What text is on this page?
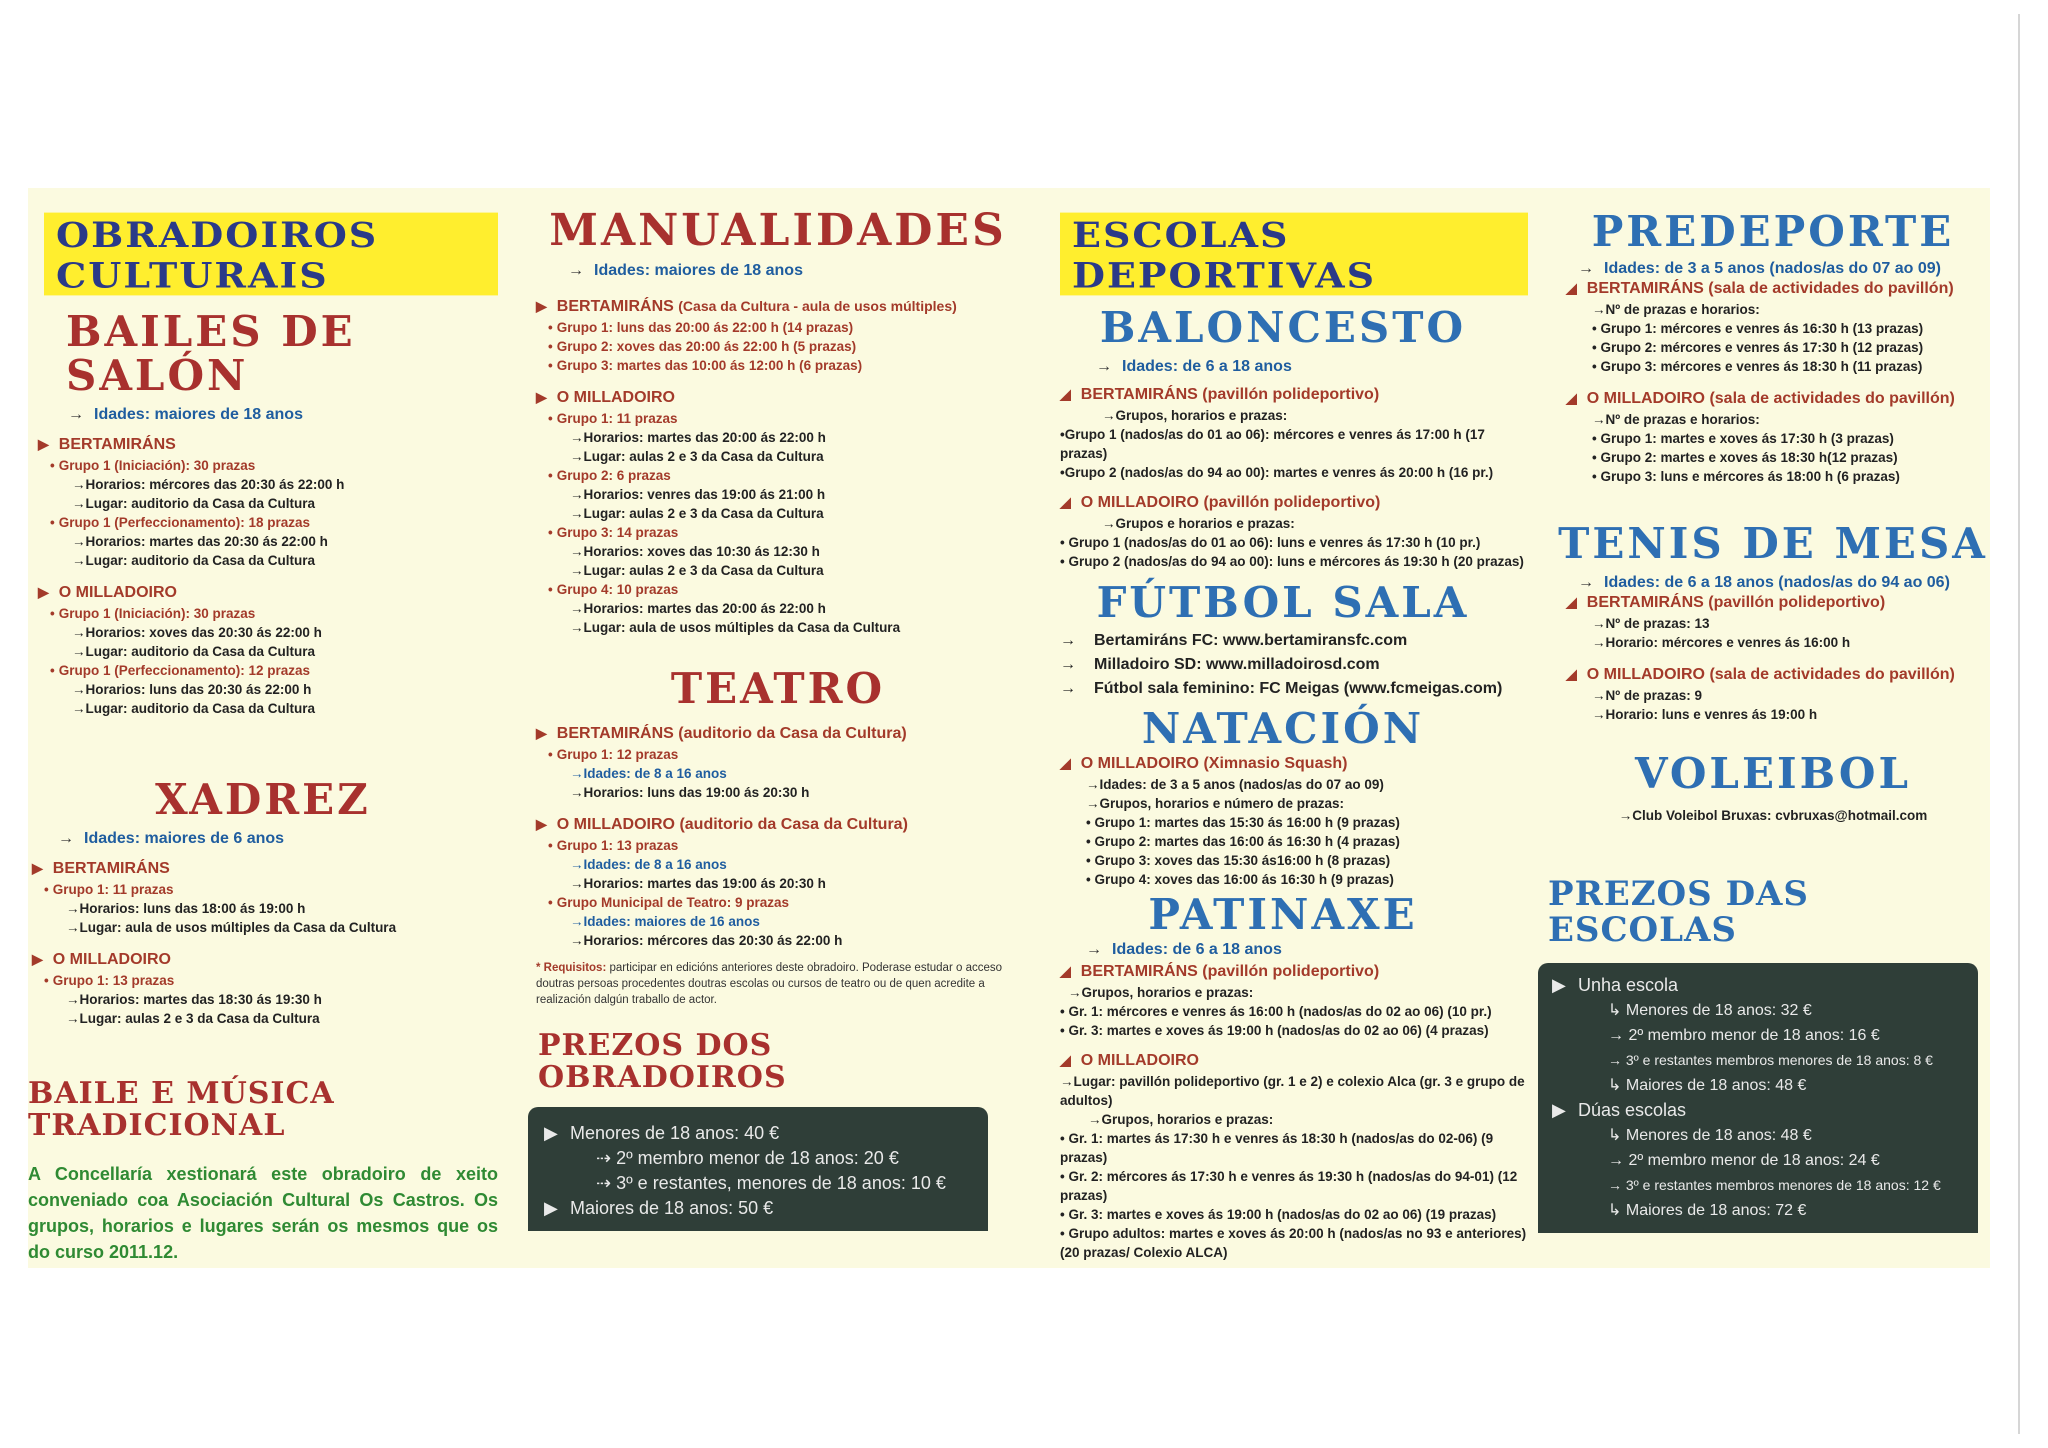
OBRADOIROS CULTURAIS
BAILES DE SALÓN
→ Idades: maiores de 18 anos
▶ BERTAMIRÁNS
• Grupo 1 (Iniciación): 30 prazas
→Horarios: mércores das 20:30 ás 22:00 h
→Lugar: auditorio da Casa da Cultura
• Grupo 1 (Perfeccionamento): 18 prazas
→Horarios: martes das 20:30 ás 22:00 h
→Lugar: auditorio da Casa da Cultura
▶ O MILLADOIRO
• Grupo 1 (Iniciación): 30 prazas
→Horarios: xoves das 20:30 ás 22:00 h
→Lugar: auditorio da Casa da Cultura
• Grupo 1 (Perfeccionamento): 12 prazas
→Horarios: luns das 20:30 ás 22:00 h
→Lugar: auditorio da Casa da Cultura
XADREZ
→ Idades: maiores de 6 anos
▶ BERTAMIRÁNS
• Grupo 1: 11 prazas
→Horarios: luns das 18:00 ás 19:00 h
→Lugar: aula de usos múltiples da Casa da Cultura
▶ O MILLADOIRO
• Grupo 1: 13 prazas
→Horarios: martes das 18:30 ás 19:30 h
→Lugar: aulas 2 e 3 da Casa da Cultura
BAILE E MÚSICA TRADICIONAL
A Concellaría xestionará este obradoiro de xeito conveniado coa Asociación Cultural Os Castros. Os grupos, horarios e lugares serán os mesmos que os do curso 2011.12.
MANUALIDADES
→ Idades: maiores de 18 anos
▶ BERTAMIRÁNS (Casa da Cultura - aula de usos múltiples)
• Grupo 1: luns das 20:00 ás 22:00 h (14 prazas)
• Grupo 2: xoves das 20:00 ás 22:00 h (5 prazas)
• Grupo 3: martes das 10:00 ás 12:00 h (6 prazas)
▶ O MILLADOIRO
• Grupo 1: 11 prazas
→Horarios: martes das 20:00 ás 22:00 h
→Lugar: aulas 2 e 3 da Casa da Cultura
• Grupo 2: 6 prazas
→Horarios: venres das 19:00 ás 21:00 h
→Lugar: aulas 2 e 3 da Casa da Cultura
• Grupo 3: 14 prazas
→Horarios: xoves das 10:30 ás 12:30 h
→Lugar: aulas 2 e 3 da Casa da Cultura
• Grupo 4: 10 prazas
→Horarios: martes das 20:00 ás 22:00 h
→Lugar: aula de usos múltiples da Casa da Cultura
TEATRO
▶ BERTAMIRÁNS (auditorio da Casa da Cultura)
• Grupo 1: 12 prazas
→Idades: de 8 a 16 anos
→Horarios: luns das 19:00 ás 20:30 h
▶ O MILLADOIRO (auditorio da Casa da Cultura)
• Grupo 1: 13 prazas
→Idades: de 8 a 16 anos
→Horarios: martes das 19:00 ás 20:30 h
• Grupo Municipal de Teatro: 9 prazas
→Idades: maiores de 16 anos
→Horarios: mércores das 20:30 ás 22:00 h
* Requisitos: participar en edicións anteriores deste obradoiro. Poderase estudar o acceso doutras persoas procedentes doutras escolas ou cursos de teatro ou de quen acredite a realización dalgún traballo de actor.
PREZOS DOS OBRADOIROS
▶ Menores de 18 anos: 40 €
⇢ 2º membro menor de 18 anos: 20 €
⇢ 3º e restantes, menores de 18 anos: 10 €
▶ Maiores de 18 anos: 50 €
ESCOLAS DEPORTIVAS
BALONCESTO
→ Idades: de 6 a 18 anos
◢ BERTAMIRÁNS (pavillón polideportivo)
→Grupos, horarios e prazas:
•Grupo 1 (nados/as do 01 ao 06): mércores e venres ás 17:00 h (17 prazas)
•Grupo 2 (nados/as do 94 ao 00): martes e venres ás 20:00 h (16 pr.)
◢ O MILLADOIRO (pavillón polideportivo)
→Grupos e horarios e prazas:
• Grupo 1 (nados/as do 01 ao 06): luns e venres ás 17:30 h (10 pr.)
• Grupo 2 (nados/as do 94 ao 00): luns e mércores ás 19:30 h (20 prazas)
FÚTBOL SALA
→ Bertamiráns FC: www.bertamiransfc.com
→ Milladoiro SD: www.milladoirosd.com
→ Fútbol sala feminino: FC Meigas (www.fcmeigas.com)
NATACIÓN
◢ O MILLADOIRO (Ximnasio Squash)
→Idades: de 3 a 5 anos (nados/as do 07 ao 09)
→Grupos, horarios e número de prazas:
• Grupo 1: martes das 15:30 ás 16:00 h (9 prazas)
• Grupo 2: martes das 16:00 ás 16:30 h (4 prazas)
• Grupo 3: xoves das 15:30 ás16:00 h (8 prazas)
• Grupo 4: xoves das 16:00 ás 16:30 h (9 prazas)
PATINAXE
→ Idades: de 6 a 18 anos
◢ BERTAMIRÁNS (pavillón polideportivo)
→Grupos, horarios e prazas:
• Gr. 1: mércores e venres ás 16:00 h (nados/as do 02 ao 06) (10 pr.)
• Gr. 3: martes e xoves ás 19:00 h (nados/as do 02 ao 06) (4 prazas)
◢ O MILLADOIRO
→Lugar: pavillón polideportivo (gr. 1 e 2) e colexio Alca (gr. 3 e grupo de adultos)
→Grupos, horarios e prazas:
• Gr. 1: martes ás 17:30 h e venres ás 18:30 h (nados/as do 02-06) (9 prazas)
• Gr. 2: mércores ás 17:30 h e venres ás 19:30 h (nados/as do 94-01) (12 prazas)
• Gr. 3: martes e xoves ás 19:00 h (nados/as do 02 ao 06) (19 prazas)
• Grupo adultos: martes e xoves ás 20:00 h (nados/as no 93 e anteriores) (20 prazas/ Colexio ALCA)
PREDEPORTE
→ Idades: de 3 a 5 anos (nados/as do 07 ao 09)
◢ BERTAMIRÁNS (sala de actividades do pavillón)
→Nº de prazas e horarios:
• Grupo 1: mércores e venres ás 16:30 h (13 prazas)
• Grupo 2: mércores e venres ás 17:30 h (12 prazas)
• Grupo 3: mércores e venres ás 18:30 h (11 prazas)
◢ O MILLADOIRO (sala de actividades do pavillón)
→Nº de prazas e horarios:
• Grupo 1: martes e xoves ás 17:30 h (3 prazas)
• Grupo 2: martes e xoves ás 18:30 h(12 prazas)
• Grupo 3: luns e mércores ás 18:00 h (6 prazas)
TENIS DE MESA
→ Idades: de 6 a 18 anos (nados/as do 94 ao 06)
◢ BERTAMIRÁNS (pavillón polideportivo)
→Nº de prazas: 13
→Horario: mércores e venres ás 16:00 h
◢ O MILLADOIRO (sala de actividades do pavillón)
→Nº de prazas: 9
→Horario: luns e venres ás 19:00 h
VOLEIBOL
→Club Voleibol Bruxas: cvbruxas@hotmail.com
PREZOS DAS ESCOLAS
▶ Unha escola
↳ Menores de 18 anos: 32 €
→ 2º membro menor de 18 anos: 16 €
→ 3º e restantes membros menores de 18 anos: 8 €
↳ Maiores de 18 anos: 48 €
▶ Dúas escolas
↳ Menores de 18 anos: 48 €
→ 2º membro menor de 18 anos: 24 €
→ 3º e restantes membros menores de 18 anos: 12 €
↳ Maiores de 18 anos: 72 €
